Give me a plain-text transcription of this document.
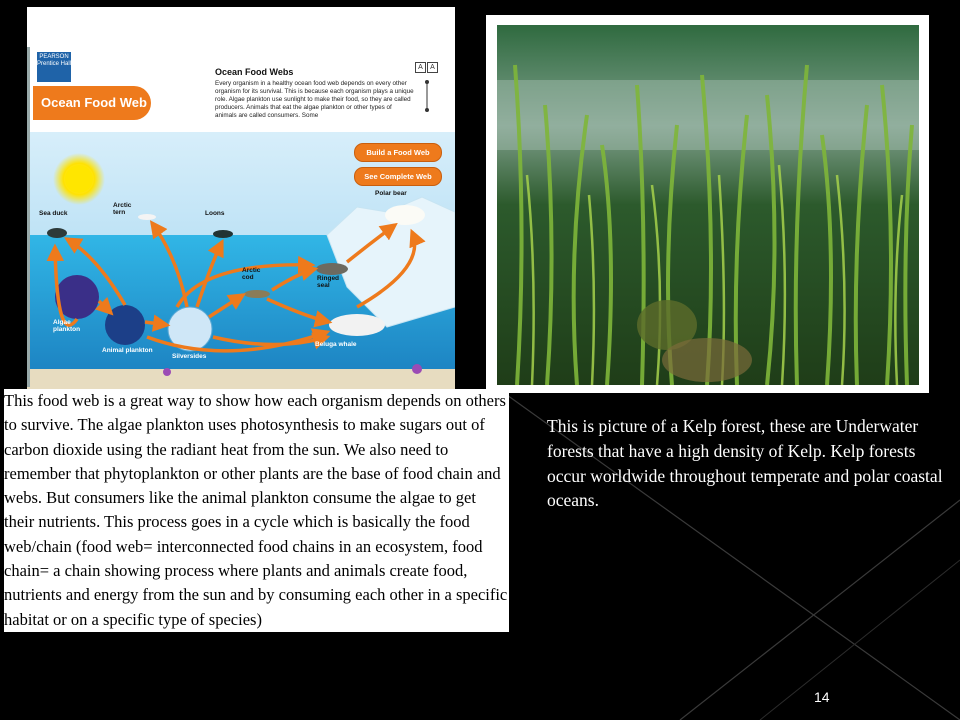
PEARSON
Prentice Hall
Ocean Food Web
Ocean Food Webs
Every organism in a healthy ocean food web depends on every other organism for its survival. This is because each organism plays a unique role. Algae plankton use sunlight to make their food, so they are called producers. Animals that eat the algae plankton or other types of animals are called consumers. Some
A	A
Build a Food Web
See Complete Web
Sea duck
Arctic tern	Loons
Polar bear
Arctic cod	Ringed seal
Algae plankton
Animal plankton
Silversides
Beluga whale
This food web is a great way to show how each organism depends on others to survive. The algae plankton uses photosynthesis to make sugars out of carbon dioxide using the radiant heat from the sun. We also need to remember that phytoplankton or other plants are the base of food chain and webs. But consumers like the animal plankton consume the algae to get their nutrients. This process goes in a cycle which is basically the food web/chain (food web= interconnected food chains in an ecosystem, food chain= a chain showing process where plants and animals create food, nutrients and energy from the sun and by consuming each other in a specific habitat or on a specific type of species)
This is picture of a Kelp forest, these are Underwater forests that have a high density of Kelp. Kelp forests occur worldwide throughout temperate and polar coastal oceans.
14
